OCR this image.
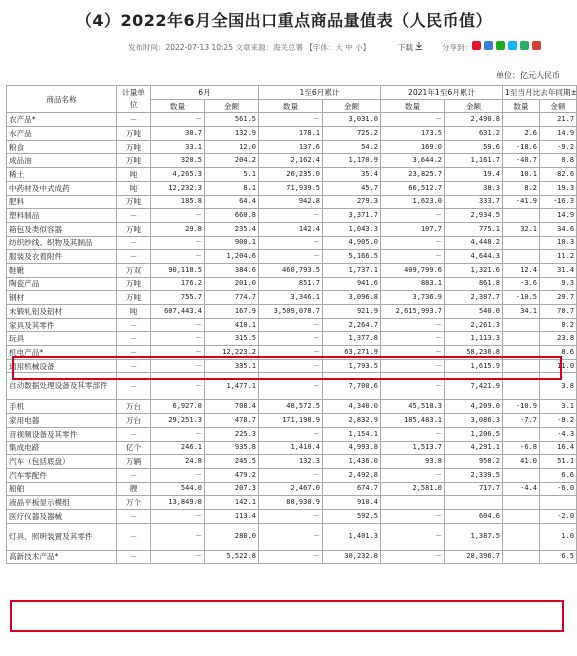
（4）2022年6月全国出口重点商品量值表（人民币值）
发布时间：2022-07-13 10:25 文章来源：海关总署 【字体：大 中 小】	下载	分享到：
单位：亿元人民币
商品名称	计量单位	6月		1至6月累计		2021年1至6月累计		1至当月比去年同期±	
		数量	金额	数量	金额	数量	金额	数量	金额
农产品*	－	－	561.5	－	3,031.0	－	2,490.8		21.7
水产品	万吨	30.7	132.9	178.1	725.2	173.5	631.2	2.6	14.9
粮食	万吨	33.1	12.0	137.6	54.2	169.0	59.6	-18.6	-9.2
成品油	万吨	320.5	204.2	2,162.4	1,170.9	3,644.2	1,161.7	-40.7	0.8
稀土	吨	4,265.3	5.1	26,235.0	35.4	23,825.7	19.4	10.1	82.6
中药材及中式成药	吨	12,232.3	8.1	71,939.5	45.7	66,512.7	38.3	8.2	19.3
肥料	万吨	185.8	64.4	942.8	279.3	1,623.0	333.7	-41.9	-16.3
塑料制品	－	－	660.8	－	3,371.7	－	2,934.5		14.9
箱包及类似容器	万吨	29.8	235.4	142.4	1,043.3	107.7	775.1	32.1	34.6
纺织纱线、织物及其制品	－	－	900.1	－	4,905.0	－	4,448.2		10.3
服装及衣着附件	－	－	1,204.6	－	5,166.5	－	4,644.3		11.2
鞋靴	万双	90,118.5	384.6	460,793.5	1,737.1	409,799.6	1,321.6	12.4	31.4
陶瓷产品	万吨	176.2	201.0	851.7	941.6	883.1	861.8	-3.6	9.3
钢材	万吨	755.7	774.7	3,346.1	3,096.8	3,736.9	2,387.7	-10.5	29.7
未锻轧铝及铝材	吨	607,443.4	167.9	3,509,078.7	921.9	2,615,993.7	540.0	34.1	70.7
家具及其零件	－	－	410.1	－	2,264.7	－	2,261.3		0.2
玩具	－	－	315.5	－	1,377.8	－	1,113.3		23.8
机电产品*	－	－	12,223.2	－	63,271.9	－	58,236.8		8.6
通用机械设备	－	－	335.1	－	1,793.5	－	1,615.9		11.0
自动数据处理设备及其零部件	－	－	1,477.1	－	7,700.6	－	7,421.9		3.8
手机	万台	6,927.8	708.4	40,572.5	4,340.0	45,518.3	4,209.0	-10.9	3.1
家用电器	万台	29,251.3	478.7	171,198.9	2,832.9	185,483.1	3,086.3	-7.7	-8.2
音视频设备及其零件	－	－	225.3	－	1,154.1	－	1,206.5		-4.3
集成电路	亿个	246.1	935.8	1,410.4	4,993.8	1,513.7	4,291.1	-6.8	16.4
汽车（包括底盘）	万辆	24.8	245.5	132.3	1,436.0	93.8	950.2	41.0	51.1
汽车零配件	－	－	479.2	－	2,492.8	－	2,339.5		6.6
船舶	艘	544.0	207.3	2,467.0	674.7	2,581.0	717.7	-4.4	-6.0
液晶平板显示模组	万个	13,849.8	142.1	80,930.9	910.4				
医疗仪器及器械	－	－	113.4	－	592.5	－	604.6		-2.0
灯具、照明装置及其零件	－	－	280.0	－	1,401.3	－	1,387.5		1.0
高新技术产品*	－	－	5,522.8	－	30,232.8	－	28,396.7		6.5
